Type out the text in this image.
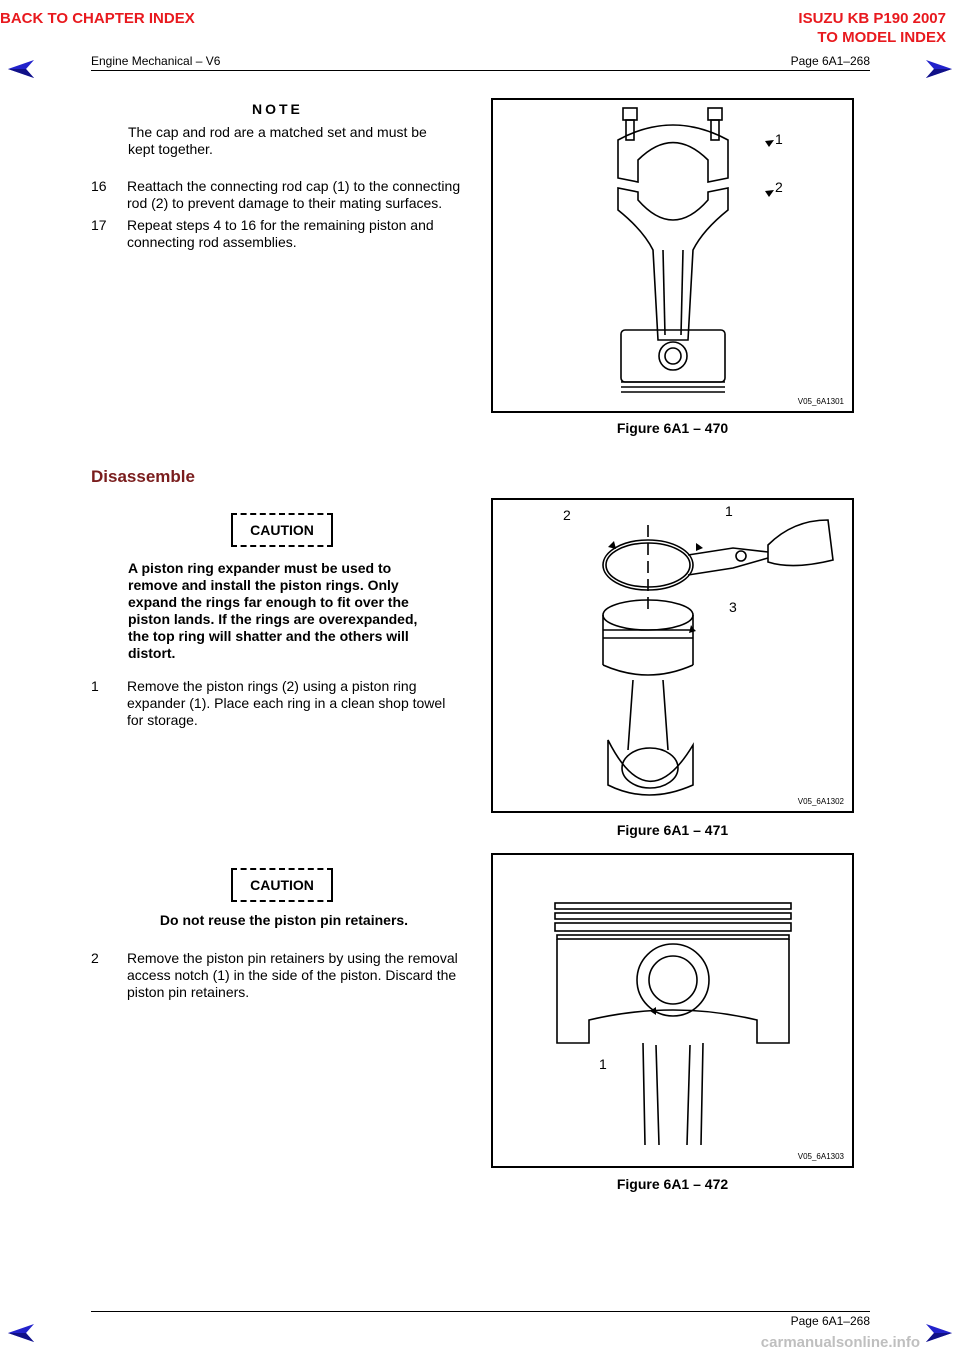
BACK TO CHAPTER INDEX	ISUZU KB P190 2007
TO MODEL INDEX
Engine Mechanical – V6	Page 6A1–268
NOTE
The cap and rod are a matched set and must be kept together.
16 Reattach the connecting rod cap (1) to the connecting
rod (2) to prevent damage to their mating surfaces.
17 Repeat steps 4 to 16 for the remaining piston and
connecting rod assemblies.
1
2
V05_6A1301
Figure 6A1 – 470
Disassemble
CAUTION
A piston ring expander must be used to
remove and install the piston rings. Only
expand the rings far enough to fit over the
piston lands. If the rings are overexpanded,
the top ring will shatter and the others will
distort.
1 Remove the piston rings (2) using a piston ring
expander (1). Place each ring in a clean shop towel
for storage.
2	1
3
V05_6A1302
Figure 6A1 – 471
CAUTION
Do not reuse the piston pin retainers.
2 Remove the piston pin retainers by using the removal
access notch (1) in the side of the piston. Discard the
piston pin retainers.
1
V05_6A1303
Figure 6A1 – 472
Page 6A1–268
carmanualsonline.info
